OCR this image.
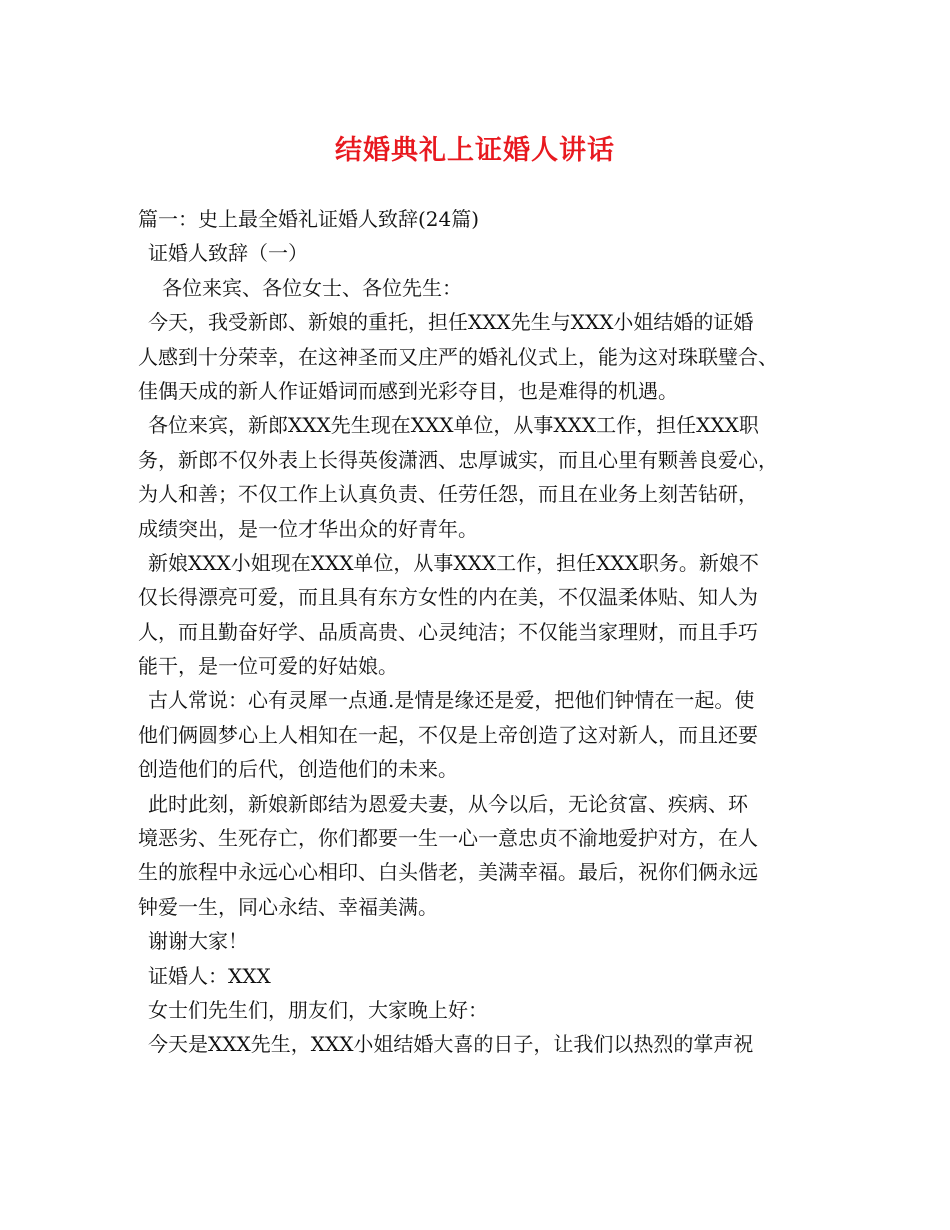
结婚典礼上证婚人讲话
篇一：史上最全婚礼证婚人致辞(24篇)
证婚人致辞（一）
各位来宾、各位女士、各位先生：
今天，我受新郎、新娘的重托，担任XXX先生与XXX小姐结婚的证婚
人感到十分荣幸，在这神圣而又庄严的婚礼仪式上，能为这对珠联璧合、
佳偶天成的新人作证婚词而感到光彩夺目，也是难得的机遇。
各位来宾，新郎XXX先生现在XXX单位，从事XXX工作，担任XXX职
务，新郎不仅外表上长得英俊潇洒、忠厚诚实，而且心里有颗善良爱心，
为人和善；不仅工作上认真负责、任劳任怨，而且在业务上刻苦钻研，
成绩突出，是一位才华出众的好青年。
新娘XXX小姐现在XXX单位，从事XXX工作，担任XXX职务。新娘不
仅长得漂亮可爱，而且具有东方女性的内在美，不仅温柔体贴、知人为
人，而且勤奋好学、品质高贵、心灵纯洁；不仅能当家理财，而且手巧
能干，是一位可爱的好姑娘。
古人常说：心有灵犀一点通.是情是缘还是爱，把他们钟情在一起。使
他们俩圆梦心上人相知在一起，不仅是上帝创造了这对新人，而且还要
创造他们的后代，创造他们的未来。
此时此刻，新娘新郎结为恩爱夫妻，从今以后，无论贫富、疾病、环
境恶劣、生死存亡，你们都要一生一心一意忠贞不渝地爱护对方，在人
生的旅程中永远心心相印、白头偕老，美满幸福。最后，祝你们俩永远
钟爱一生，同心永结、幸福美满。
谢谢大家！
证婚人：XXX
女士们先生们，朋友们，大家晚上好：
今天是XXX先生，XXX小姐结婚大喜的日子，让我们以热烈的掌声祝
